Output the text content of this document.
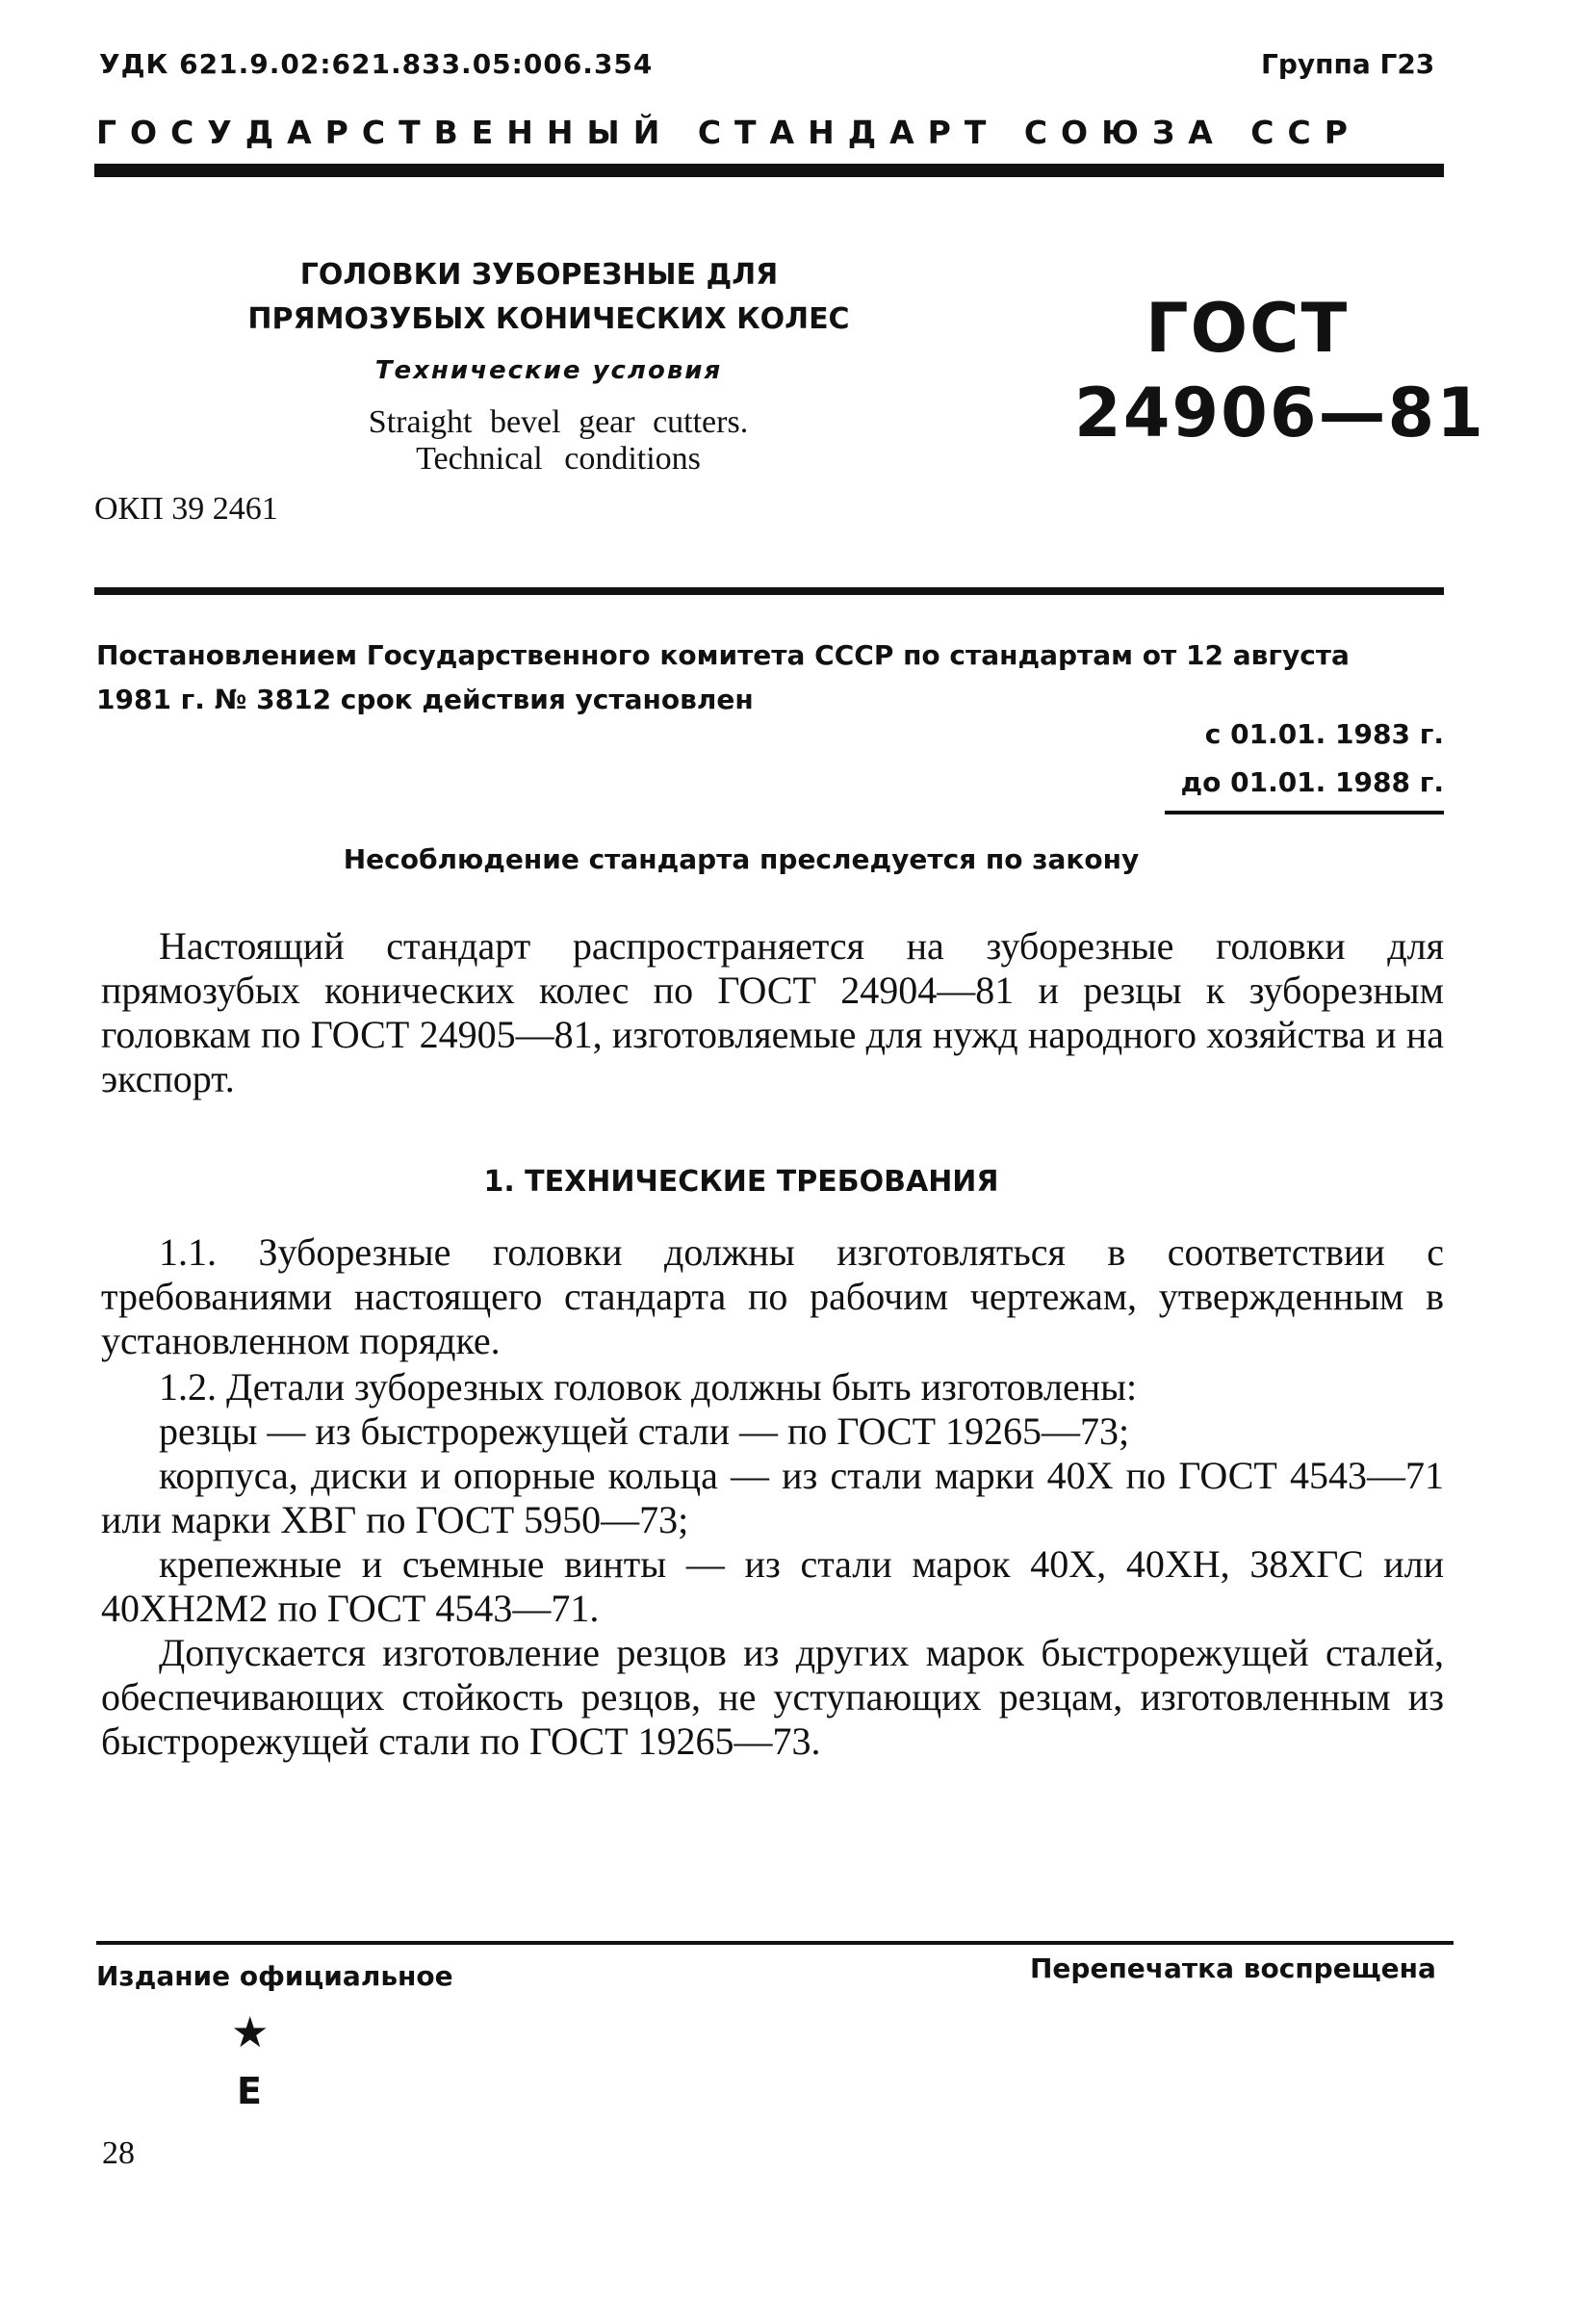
УДК 621.9.02:621.833.05:006.354	Группа Г23
ГОСУДАРСТВЕННЫЙ СТАНДАРТ СОЮЗА ССР
ГОЛОВКИ ЗУБОРЕЗНЫЕ ДЛЯ
ПРЯМОЗУБЫХ КОНИЧЕСКИХ КОЛЕС
Технические условия
Straight bevel gear cutters.
Technical conditions
ОКП 39 2461
ГОСТ
24906—81
Постановлением Государственного комитета СССР по стандартам от 12 августа
1981 г. № 3812 срок действия установлен
с 01.01. 1983 г.
до 01.01. 1988 г.
Несоблюдение стандарта преследуется по закону
Настоящий стандарт распространяется на зуборезные головки для прямозубых конических колес по ГОСТ 24904—81 и резцы к зуборезным головкам по ГОСТ 24905—81, изготовляемые для нужд народного хозяйства и на экспорт.
1. ТЕХНИЧЕСКИЕ ТРЕБОВАНИЯ
1.1. Зуборезные головки должны изготовляться в соответствии с требованиями настоящего стандарта по рабочим чертежам, утвержденным в установленном порядке.
1.2. Детали зуборезных головок должны быть изготовлены:
резцы — из быстрорежущей стали — по ГОСТ 19265—73;
корпуса, диски и опорные кольца — из стали марки 40Х по ГОСТ 4543—71 или марки ХВГ по ГОСТ 5950—73;
крепежные и съемные винты — из стали марок 40Х, 40ХН, 38ХГС или 40ХН2М2 по ГОСТ 4543—71.
Допускается изготовление резцов из других марок быстрорежущей сталей, обеспечивающих стойкость резцов, не уступающих резцам, изготовленным из быстрорежущей стали по ГОСТ 19265—73.
Издание официальное	Перепечатка воспрещена
★
Е
28
